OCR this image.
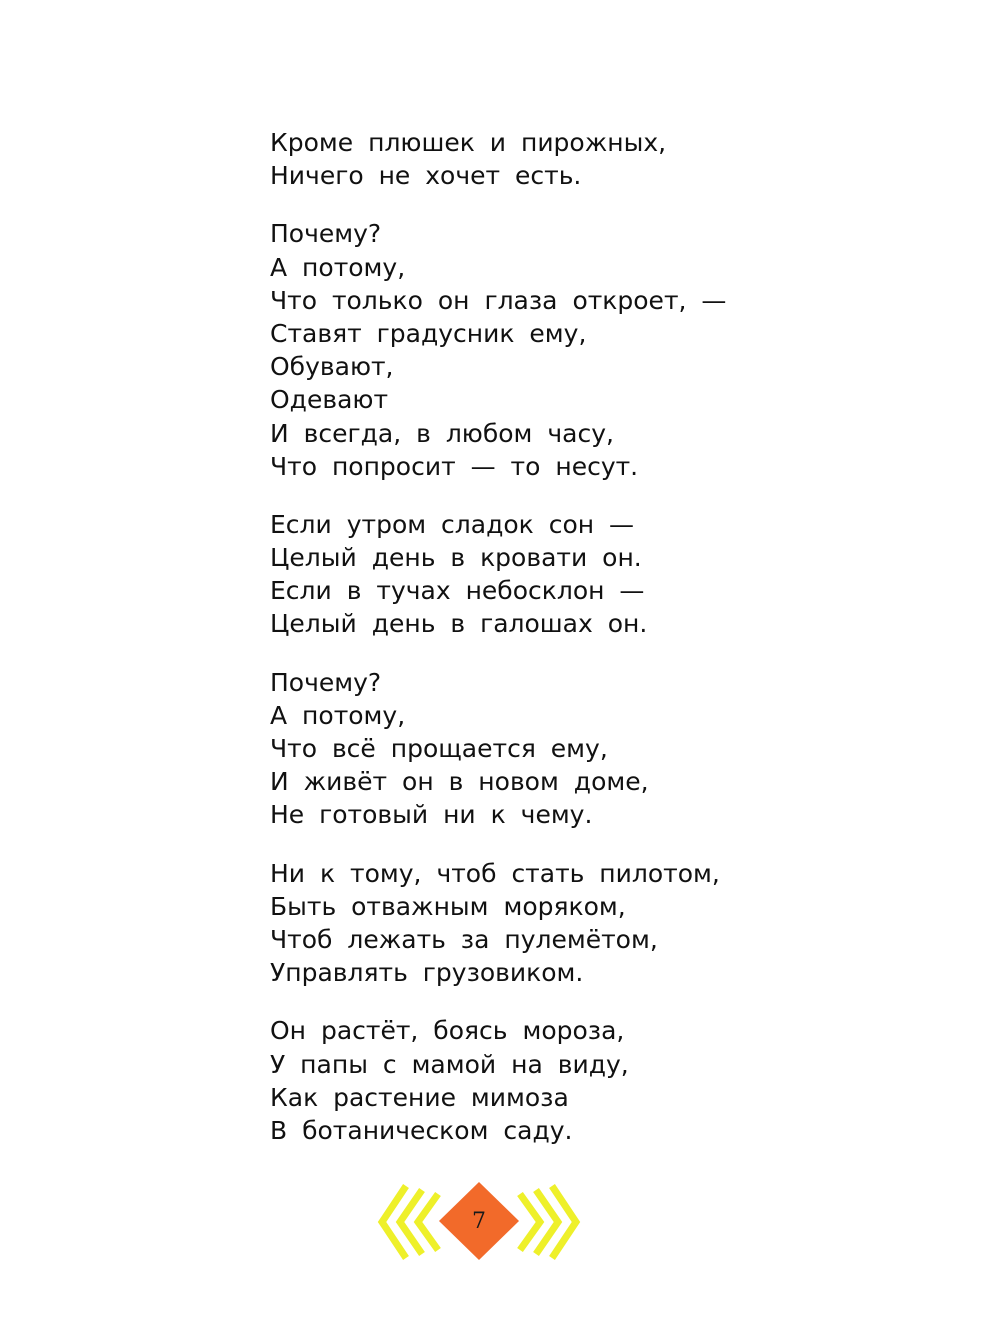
Кроме плюшек и пирожных,
Ничего не хочет есть.
Почему?
А потому,
Что только он глаза откроет, —
Ставят градусник ему,
Обувают,
Одевают
И всегда, в любом часу,
Что попросит — то несут.
Если утром сладок сон —
Целый день в кровати он.
Если в тучах небосклон —
Целый день в галошах он.
Почему?
А потому,
Что всё прощается ему,
И живёт он в новом доме,
Не готовый ни к чему.
Ни к тому, чтоб стать пилотом,
Быть отважным моряком,
Чтоб лежать за пулемётом,
Управлять грузовиком.
Он растёт, боясь мороза,
У папы с мамой на виду,
Как растение мимоза
В ботаническом саду.
7
